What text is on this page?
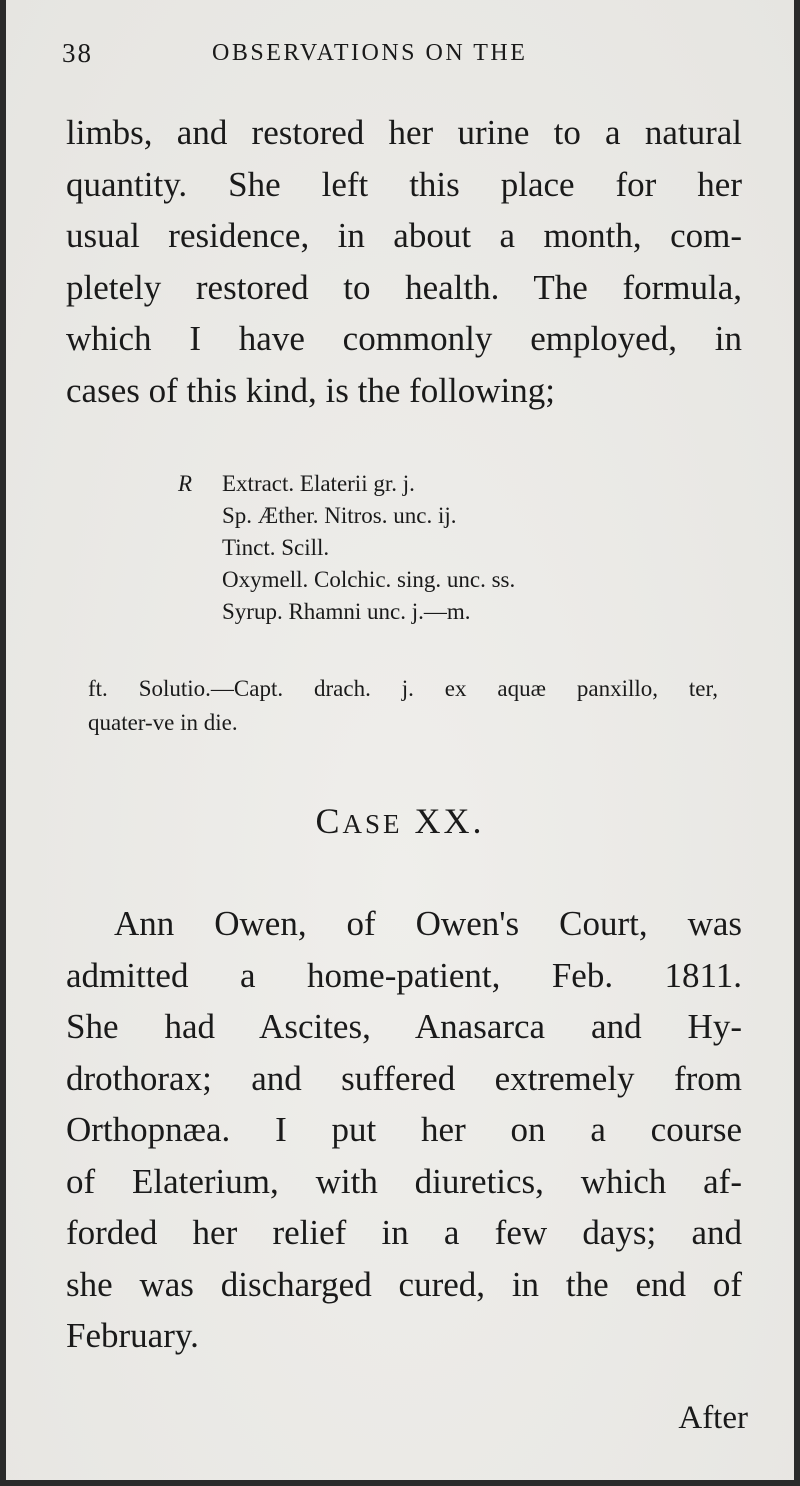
38	OBSERVATIONS ON THE
limbs, and restored her urine to a natural
quantity. She left this place for her
usual residence, in about a month, com-
pletely restored to health. The formula,
which I have commonly employed, in
cases of this kind, is the following;
R	Extract. Elaterii gr. j.
Sp. Æther. Nitros. unc. ij.
Tinct. Scill.
Oxymell. Colchic. sing. unc. ss.
Syrup. Rhamni unc. j.—m.
ft. Solutio.—Capt. drach. j. ex aquæ panxillo, ter,
quater-ve in die.
CASE XX.
Ann Owen, of Owen's Court, was
admitted a home-patient, Feb. 1811.
She had Ascites, Anasarca and Hy-
drothorax; and suffered extremely from
Orthopnæa. I put her on a course
of Elaterium, with diuretics, which af-
forded her relief in a few days; and
she was discharged cured, in the end of
February.
After
